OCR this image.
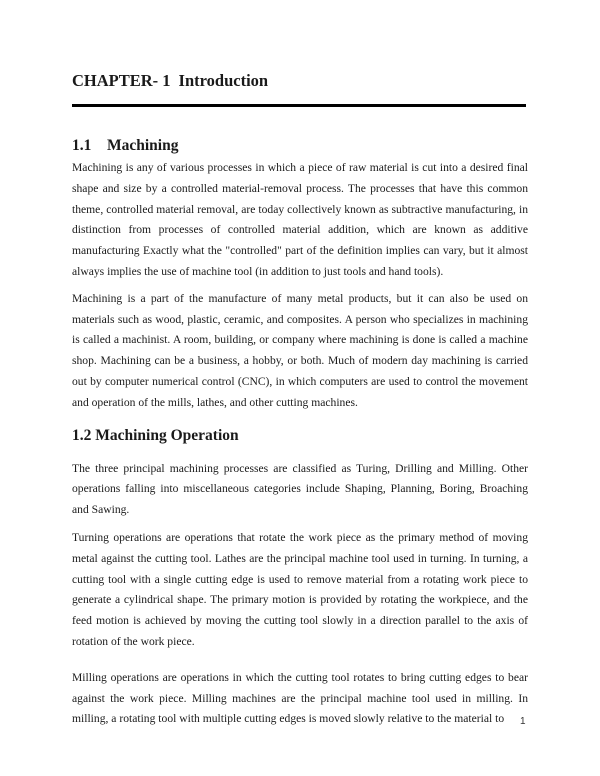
CHAPTER- 1 Introduction
1.1 Machining

Machining is any of various processes in which a piece of raw material is cut into a desired final shape and size by a controlled material-removal process. The processes that have this common theme, controlled material removal, are today collectively known as subtractive manufacturing, in distinction from processes of controlled material addition, which are known as additive manufacturing Exactly what the "controlled" part of the definition implies can vary, but it almost always implies the use of machine tool (in addition to just tools and hand tools).

Machining is a part of the manufacture of many metal products, but it can also be used on materials such as wood, plastic, ceramic, and composites. A person who specializes in machining is called a machinist. A room, building, or company where machining is done is called a machine shop. Machining can be a business, a hobby, or both. Much of modern day machining is carried out by computer numerical control (CNC), in which computers are used to control the movement and operation of the mills, lathes, and other cutting machines.

1.2 Machining Operation

The three principal machining processes are classified as Turing, Drilling and Milling. Other operations falling into miscellaneous categories include Shaping, Planning, Boring, Broaching and Sawing.

Turning operations are operations that rotate the work piece as the primary method of moving metal against the cutting tool. Lathes are the principal machine tool used in turning. In turning, a cutting tool with a single cutting edge is used to remove material from a rotating work piece to generate a cylindrical shape. The primary motion is provided by rotating the workpiece, and the feed motion is achieved by moving the cutting tool slowly in a direction parallel to the axis of rotation of the work piece.

Milling operations are operations in which the cutting tool rotates to bring cutting edges to bear against the work piece. Milling machines are the principal machine tool used in milling. In milling, a rotating tool with multiple cutting edges is moved slowly relative to the material to	1
